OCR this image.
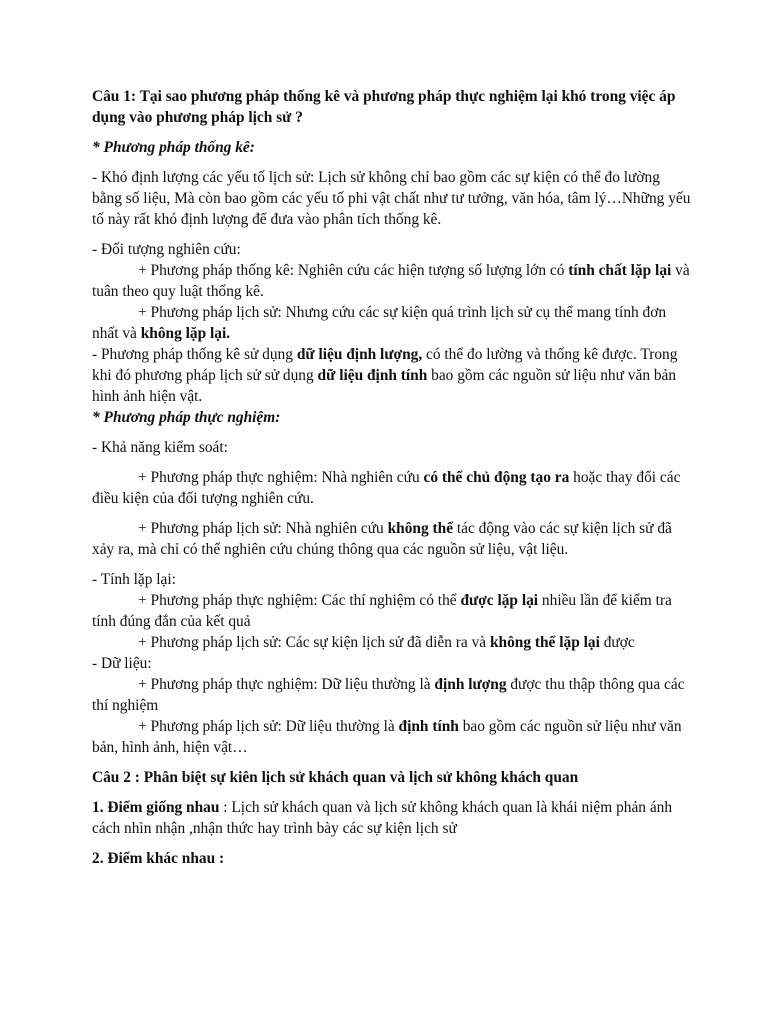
Câu 1: Tại sao phương pháp thống kê và phương pháp thực nghiệm lại khó trong việc áp dụng vào phương pháp lịch sử ?

* Phương pháp thống kê:

- Khó định lượng các yếu tố lịch sử: Lịch sử không chỉ bao gồm các sự kiện có thể đo lường bằng số liệu, Mà còn bao gồm các yếu tố phi vật chất như tư tưởng, văn hóa, tâm lý…Những yếu tố này rất khó định lượng để đưa vào phân tích thống kê.

- Đối tượng nghiên cứu:

+ Phương pháp thống kê: Nghiên cứu các hiện tượng số lượng lớn có tính chất lặp lại và tuân theo quy luật thống kê.

+ Phương pháp lịch sử: Nhưng cứu các sự kiện quá trình lịch sử cụ thể mang tính đơn nhất và không lặp lại.

- Phương pháp thống kê sử dụng dữ liệu định lượng, có thể đo lường và thống kê được. Trong khi đó phương pháp lịch sử sử dụng dữ liệu định tính bao gồm các nguồn sử liệu như văn bản hình ảnh hiện vật.

* Phương pháp thực nghiệm:

- Khả năng kiểm soát:

+ Phương pháp thực nghiệm: Nhà nghiên cứu có thể chủ động tạo ra hoặc thay đổi các điều kiện của đối tượng nghiên cứu.

+ Phương pháp lịch sử: Nhà nghiên cứu không thể tác động vào các sự kiện lịch sử đã xảy ra, mà chỉ có thể nghiên cứu chúng thông qua các nguồn sử liệu, vật liệu.

- Tính lặp lại:

+ Phương pháp thực nghiệm: Các thí nghiệm có thể được lặp lại nhiều lần để kiểm tra tính đúng đắn của kết quả

+ Phương pháp lịch sử: Các sự kiện lịch sử đã diễn ra và không thể lặp lại được

- Dữ liệu:

+ Phương pháp thực nghiệm: Dữ liệu thường là định lượng được thu thập thông qua các thí nghiệm

+ Phương pháp lịch sử: Dữ liệu thường là định tính bao gồm các nguồn sử liệu như văn bản, hình ảnh, hiện vật…

Câu 2 : Phân biệt sự kiên lịch sử khách quan và lịch sử không khách quan

1. Điểm giống nhau : Lịch sử khách quan và lịch sử không khách quan là khái niệm phản ánh cách nhìn nhận ,nhận thức hay trình bày các sự kiện lịch sử

2. Điểm khác nhau :
